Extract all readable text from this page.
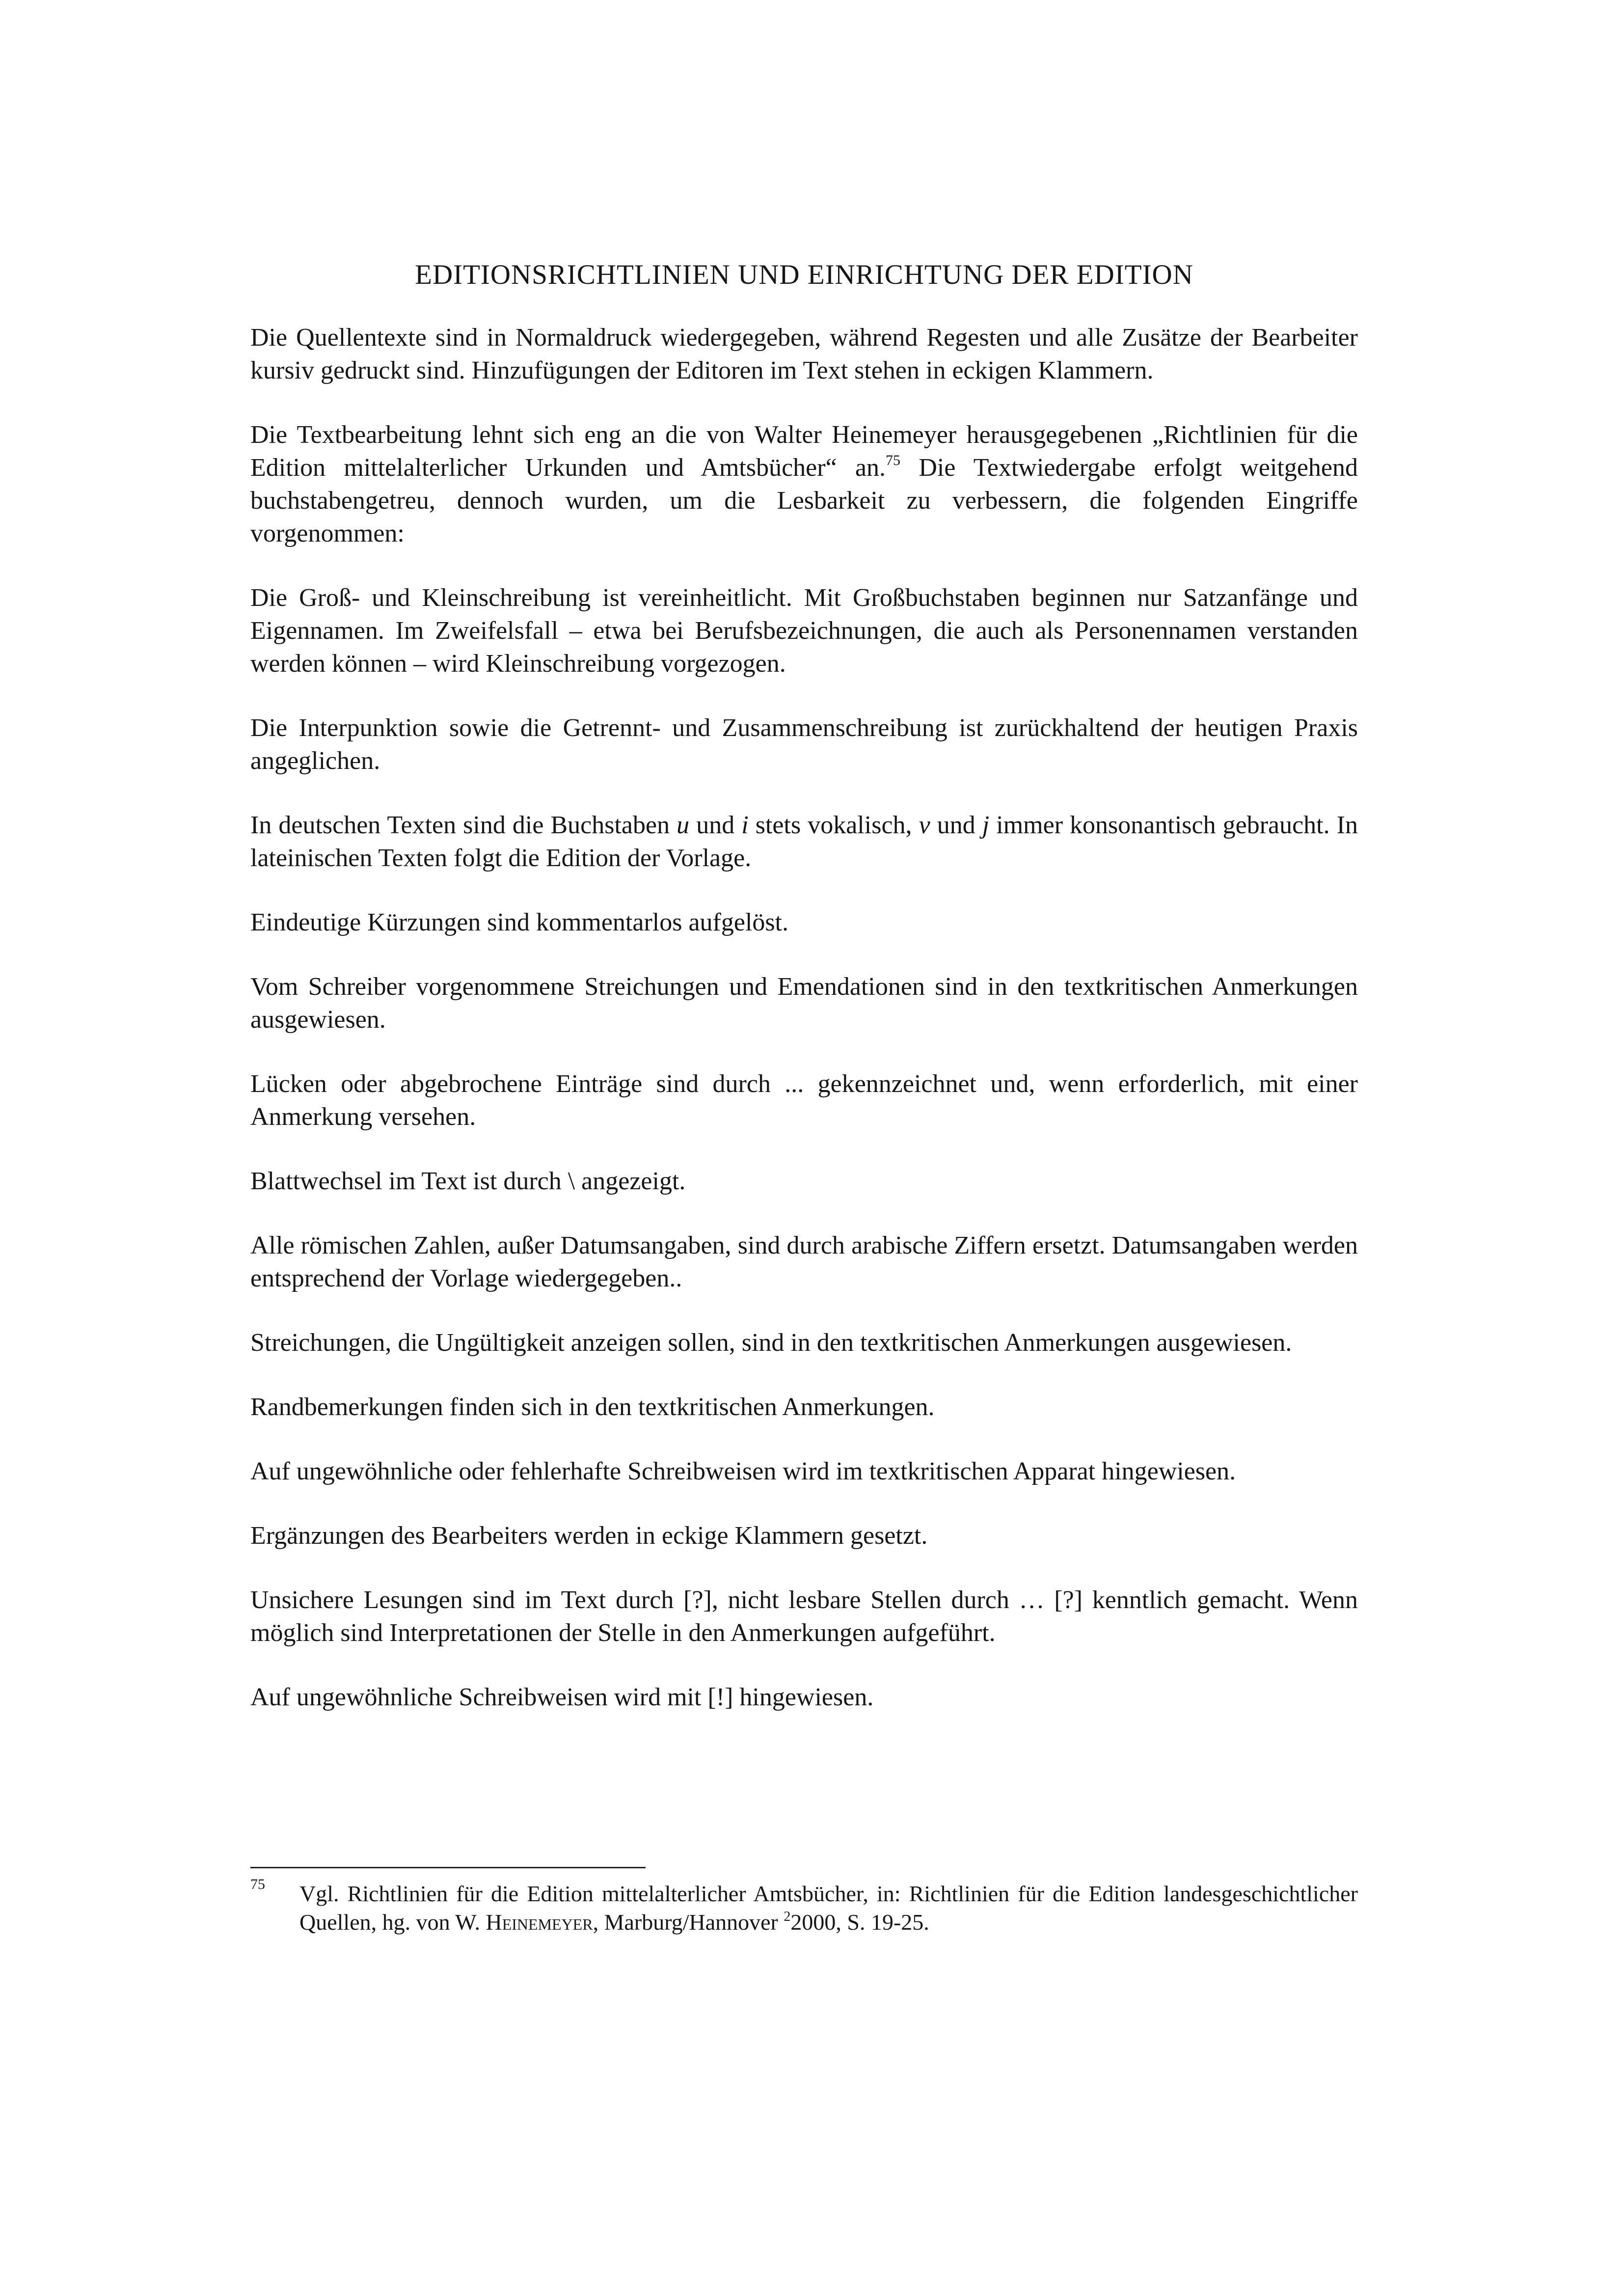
EDITIONSRICHTLINIEN UND EINRICHTUNG DER EDITION

Die Quellentexte sind in Normaldruck wiedergegeben, während Regesten und alle Zusätze der Bearbeiter kursiv gedruckt sind. Hinzufügungen der Editoren im Text stehen in eckigen Klammern.

Die Textbearbeitung lehnt sich eng an die von Walter Heinemeyer herausgegebenen „Richtlinien für die Edition mittelalterlicher Urkunden und Amtsbücher“ an.$^{75}$ Die Textwiedergabe erfolgt weitgehend buchstabengetreu, dennoch wurden, um die Lesbarkeit zu verbessern, die folgenden Eingriffe vorgenommen:

Die Groß- und Kleinschreibung ist vereinheitlicht. Mit Großbuchstaben beginnen nur Satzanfänge und Eigennamen. Im Zweifelsfall – etwa bei Berufsbezeichnungen, die auch als Personennamen verstanden werden können – wird Kleinschreibung vorgezogen.

Die Interpunktion sowie die Getrennt- und Zusammenschreibung ist zurückhaltend der heutigen Praxis angeglichen.

In deutschen Texten sind die Buchstaben u und i stets vokalisch, v und j immer konsonantisch gebraucht. In lateinischen Texten folgt die Edition der Vorlage.

Eindeutige Kürzungen sind kommentarlos aufgelöst.

Vom Schreiber vorgenommene Streichungen und Emendationen sind in den textkritischen Anmerkungen ausgewiesen.

Lücken oder abgebrochene Einträge sind durch ... gekennzeichnet und, wenn erforderlich, mit einer Anmerkung versehen.

Blattwechsel im Text ist durch \ angezeigt.

Alle römischen Zahlen, außer Datumsangaben, sind durch arabische Ziffern ersetzt. Datumsangaben werden entsprechend der Vorlage wiedergegeben..

Streichungen, die Ungültigkeit anzeigen sollen, sind in den textkritischen Anmerkungen ausgewiesen.

Randbemerkungen finden sich in den textkritischen Anmerkungen.

Auf ungewöhnliche oder fehlerhafte Schreibweisen wird im textkritischen Apparat hingewiesen.

Ergänzungen des Bearbeiters werden in eckige Klammern gesetzt.

Unsichere Lesungen sind im Text durch [?], nicht lesbare Stellen durch … [?] kenntlich gemacht. Wenn möglich sind Interpretationen der Stelle in den Anmerkungen aufgeführt.

Auf ungewöhnliche Schreibweisen wird mit [!] hingewiesen.

75 Vgl. Richtlinien für die Edition mittelalterlicher Amtsbücher, in: Richtlinien für die Edition landesgeschichtlicher Quellen, hg. von W. Heinemeyer, Marburg/Hannover $^2$2000, S. 19-25.
